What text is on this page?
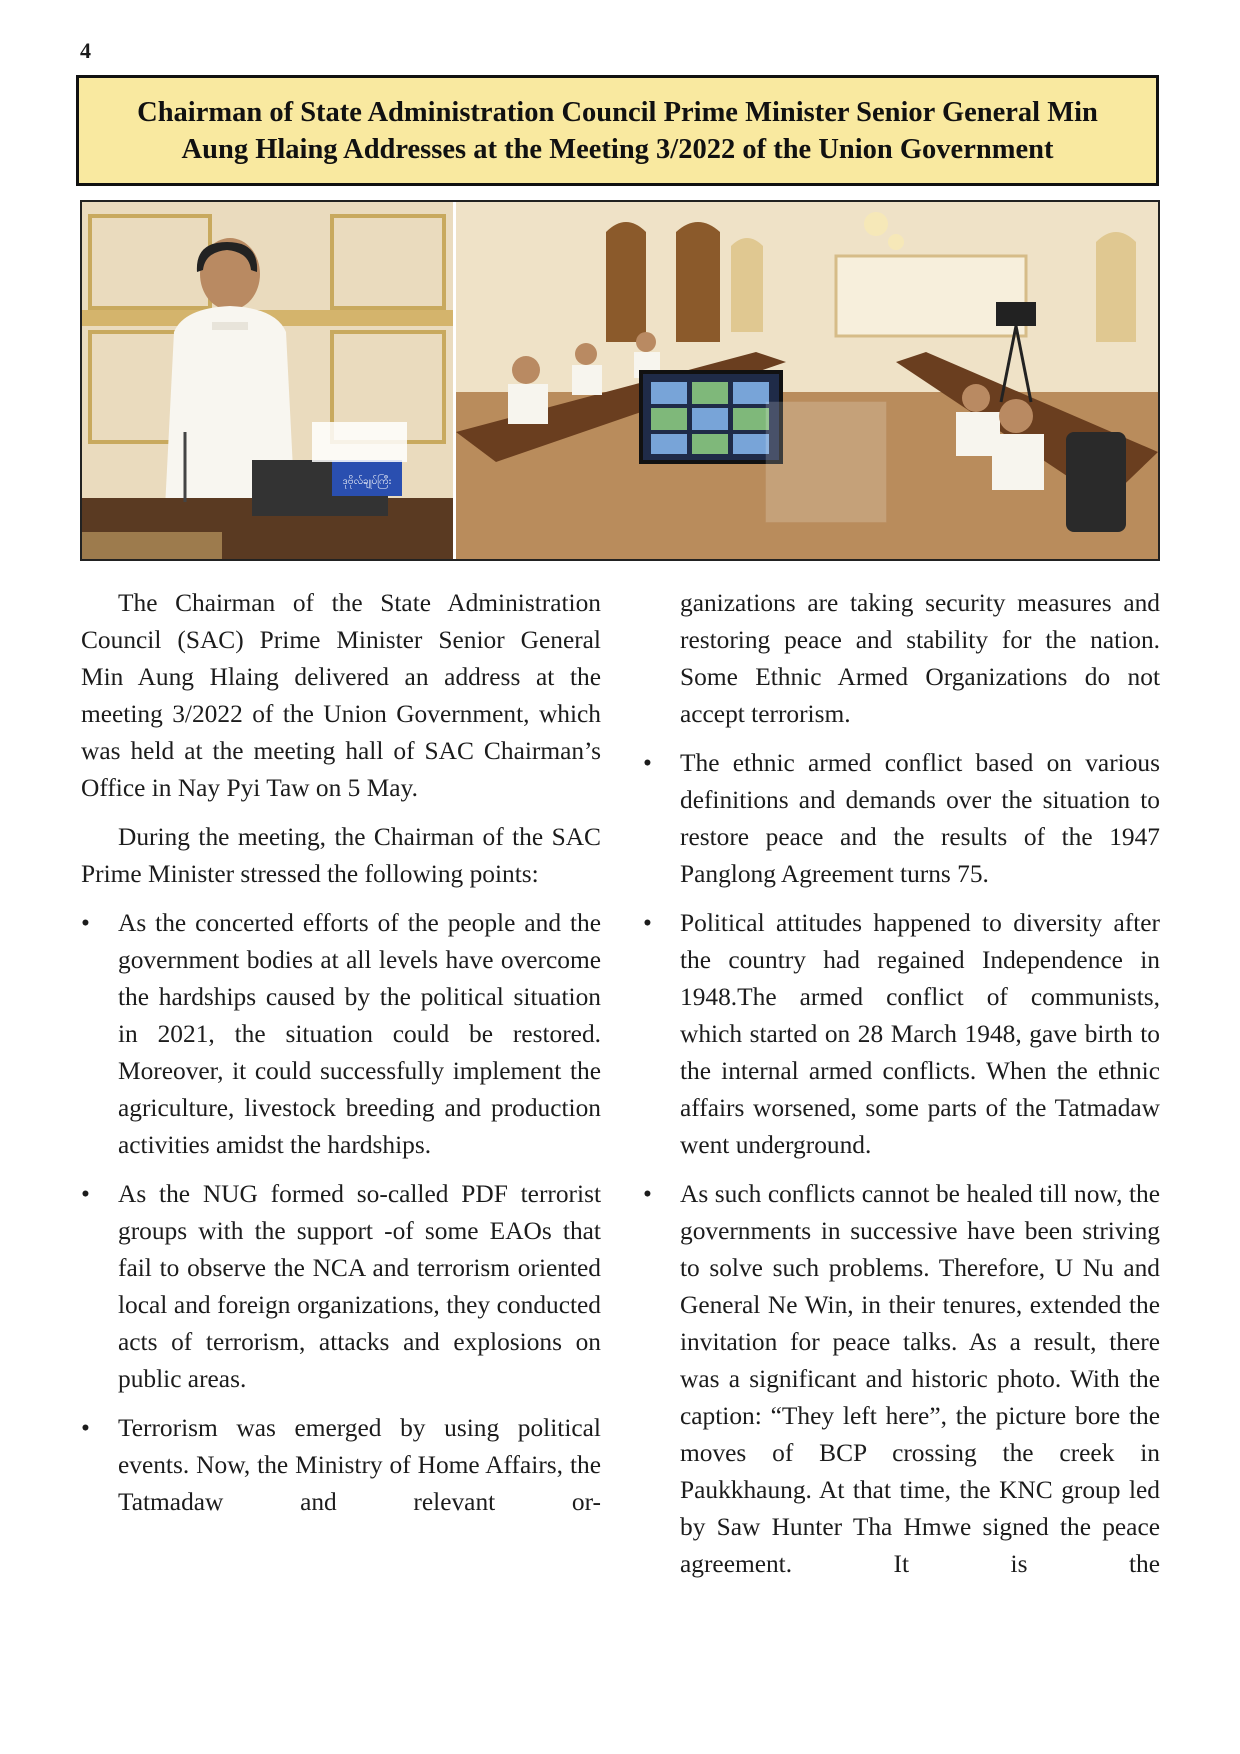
4
Chairman of State Administration Council Prime Minister Senior General Min
Aung Hlaing Addresses at the Meeting 3/2022 of the Union Government
ဒုဗိုလ်ချုပ်ကြီး

The Chairman of the State Administration Council (SAC) Prime Minister Senior General Min Aung Hlaing delivered an address at the meeting 3/2022 of the Union Government, which was held at the meeting hall of SAC Chairman’s Office in Nay Pyi Taw on 5 May.

During the meeting, the Chairman of the SAC Prime Minister stressed the following points:

•	As the concerted efforts of the people and the government bodies at all levels have overcome the hardships caused by the political situation in 2021, the situation could be restored. Moreover, it could successfully implement the agriculture, livestock breeding and production activities amidst the hardships.
•	As the NUG formed so-called PDF terrorist groups with the support -of some EAOs that fail to observe the NCA and terrorism oriented local and foreign organizations, they conducted acts of terrorism, attacks and explosions on public areas.
•	Terrorism was emerged by using political events. Now, the Ministry of Home Affairs, the Tatmadaw and relevant or-

ganizations are taking security measures and restoring peace and stability for the nation. Some Ethnic Armed Organizations do not accept terrorism.

•	The ethnic armed conflict based on various definitions and demands over the situation to restore peace and the results of the 1947 Panglong Agreement turns 75.
•	Political attitudes happened to diversity after the country had regained Independence in 1948.The armed conflict of communists, which started on 28 March 1948, gave birth to the internal armed conflicts. When the ethnic affairs worsened, some parts of the Tatmadaw went underground.
•	As such conflicts cannot be healed till now, the governments in successive have been striving to solve such problems. Therefore, U Nu and General Ne Win, in their tenures, extended the invitation for peace talks. As a result, there was a significant and historic photo. With the caption: “They left here”, the picture bore the moves of BCP crossing the creek in Paukkhaung. At that time, the KNC group led by Saw Hunter Tha Hmwe signed the peace agreement. It is the
